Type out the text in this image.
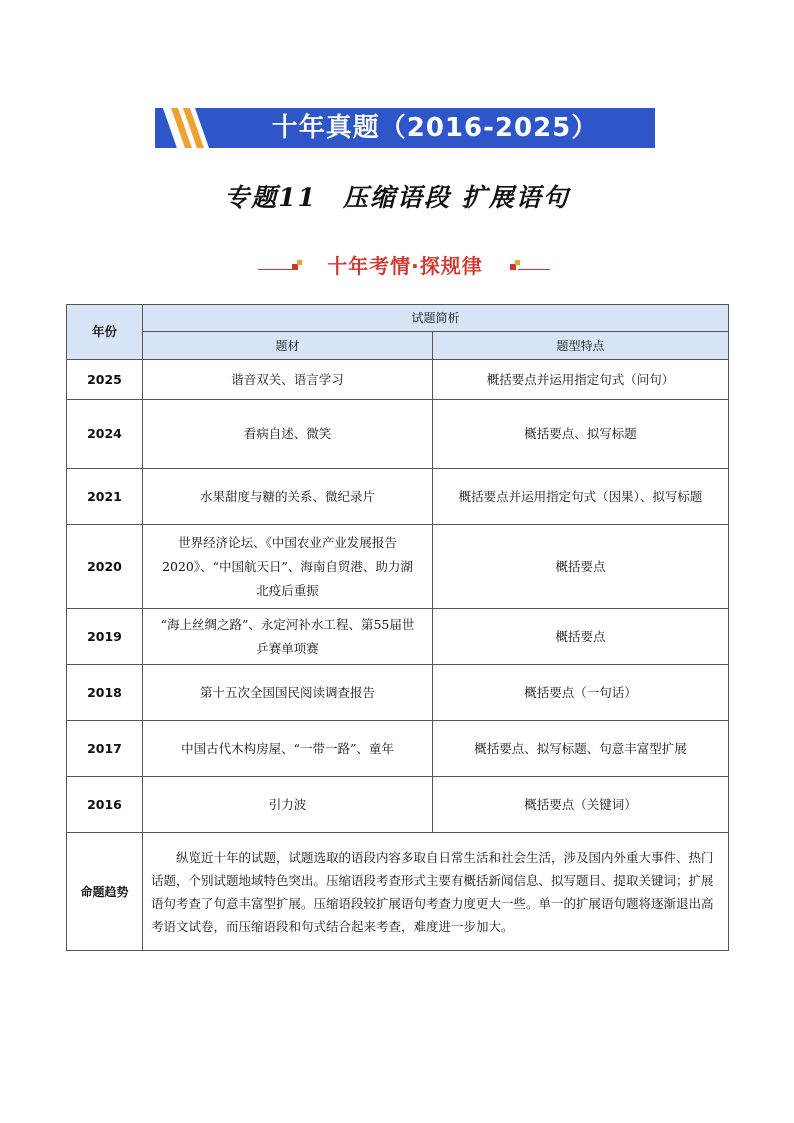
十年真题（2016-2025）
专题11 压缩语段 扩展语句
十年考情·探规律
年份	试题简析	
	题材	题型特点
2025	谐音双关、语言学习	概括要点并运用指定句式（问句）
2024	看病自述、微笑	概括要点、拟写标题
2021	水果甜度与糖的关系、微纪录片	概括要点并运用指定句式（因果）、拟写标题
2020	世界经济论坛、《中国农业产业发展报告2020》、“中国航天日”、海南自贸港、助力湖北疫后重振	概括要点
2019	“海上丝绸之路”、永定河补水工程、第55届世乒赛单项赛	概括要点
2018	第十五次全国国民阅读调查报告	概括要点（一句话）
2017	中国古代木构房屋、“一带一路”、童年	概括要点、拟写标题、句意丰富型扩展
2016	引力波	概括要点（关键词）
命题趋势	纵览近十年的试题，试题选取的语段内容多取自日常生活和社会生活，涉及国内外重大事件、热门话题，个别试题地域特色突出。压缩语段考查形式主要有概括新闻信息、拟写题目、提取关键词；扩展语句考查了句意丰富型扩展。压缩语段较扩展语句考查力度更大一些。单一的扩展语句题将逐渐退出高考语文试卷，而压缩语段和句式结合起来考查，难度进一步加大。	
